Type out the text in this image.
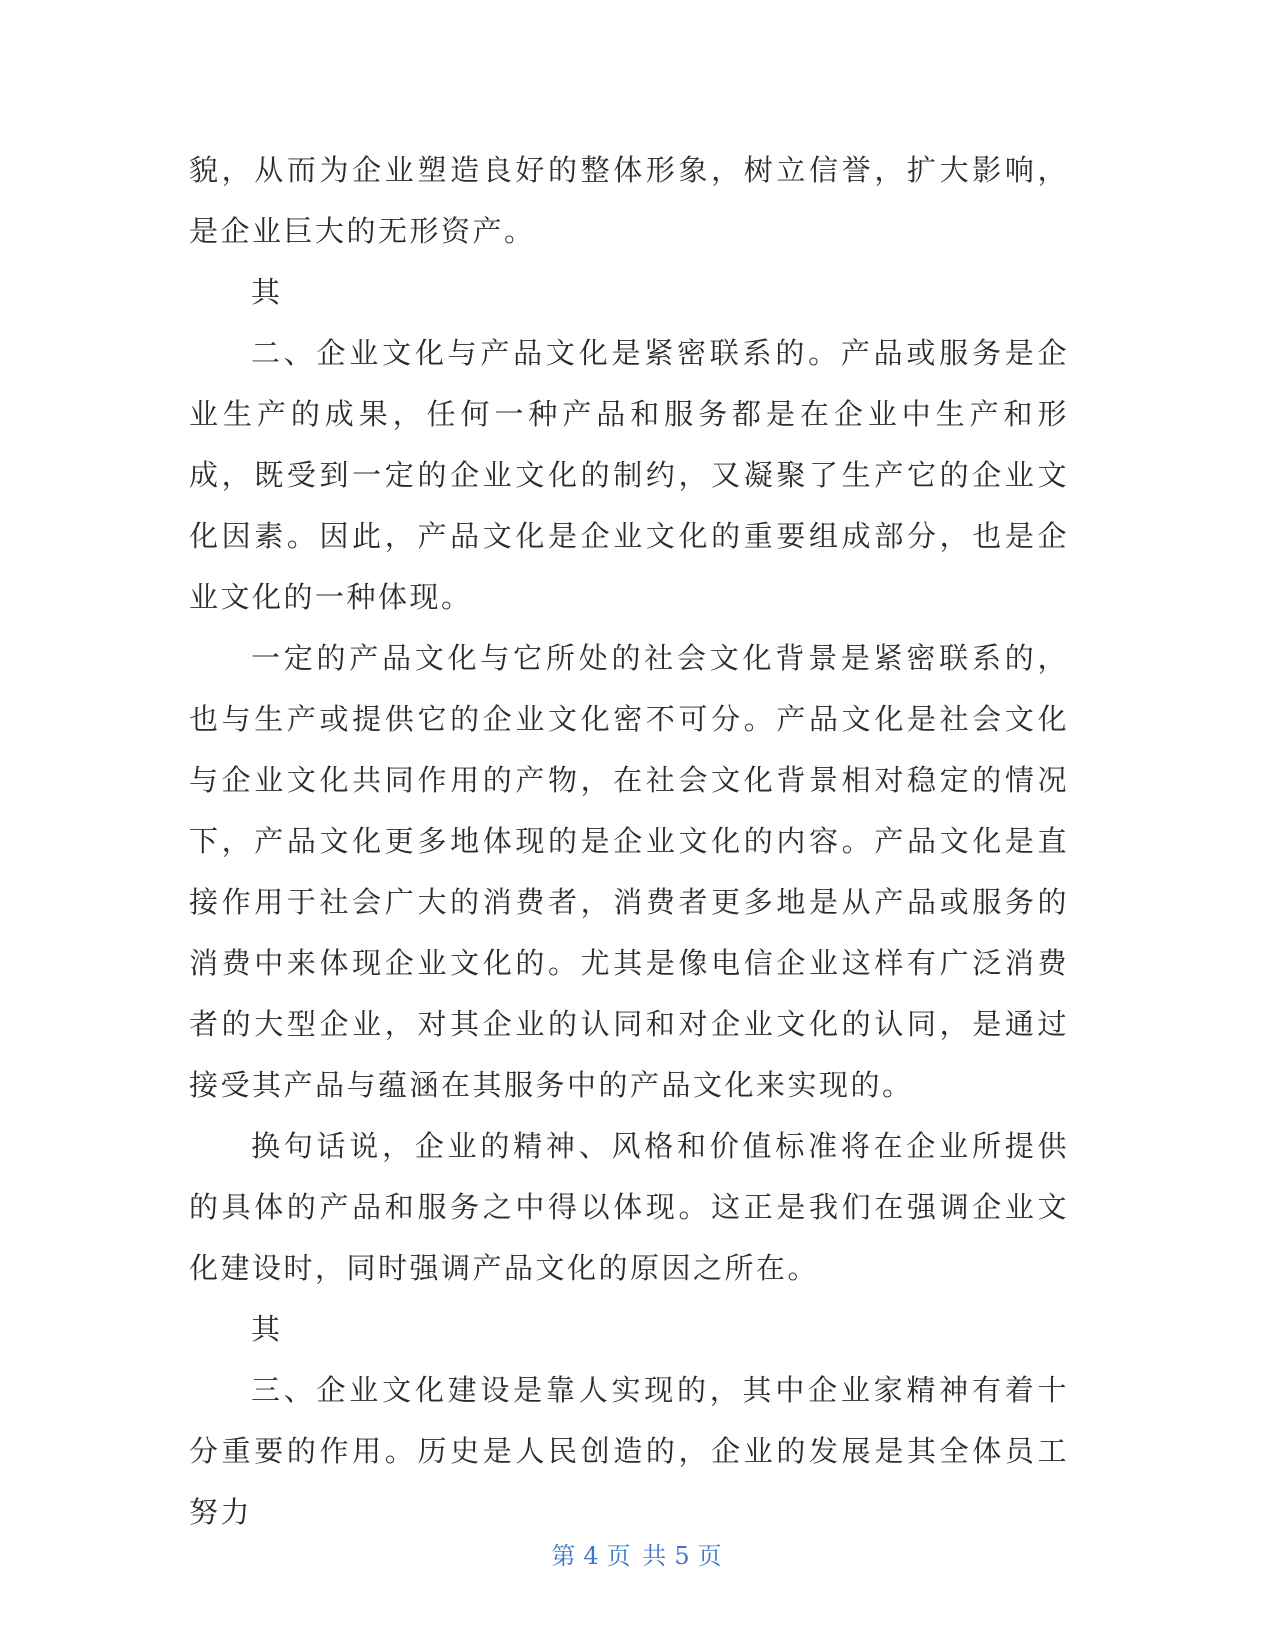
貌，从而为企业塑造良好的整体形象，树立信誉，扩大影响，是企业巨大的无形资产。

其

二、企业文化与产品文化是紧密联系的。产品或服务是企业生产的成果，任何一种产品和服务都是在企业中生产和形成，既受到一定的企业文化的制约，又凝聚了生产它的企业文化因素。因此，产品文化是企业文化的重要组成部分，也是企业文化的一种体现。

一定的产品文化与它所处的社会文化背景是紧密联系的，也与生产或提供它的企业文化密不可分。产品文化是社会文化与企业文化共同作用的产物，在社会文化背景相对稳定的情况下，产品文化更多地体现的是企业文化的内容。产品文化是直接作用于社会广大的消费者，消费者更多地是从产品或服务的消费中来体现企业文化的。尤其是像电信企业这样有广泛消费者的大型企业，对其企业的认同和对企业文化的认同，是通过接受其产品与蕴涵在其服务中的产品文化来实现的。

换句话说，企业的精神、风格和价值标准将在企业所提供的具体的产品和服务之中得以体现。这正是我们在强调企业文化建设时，同时强调产品文化的原因之所在。

其

三、企业文化建设是靠人实现的，其中企业家精神有着十分重要的作用。历史是人民创造的，企业的发展是其全体员工努力

第 4 页 共 5 页
